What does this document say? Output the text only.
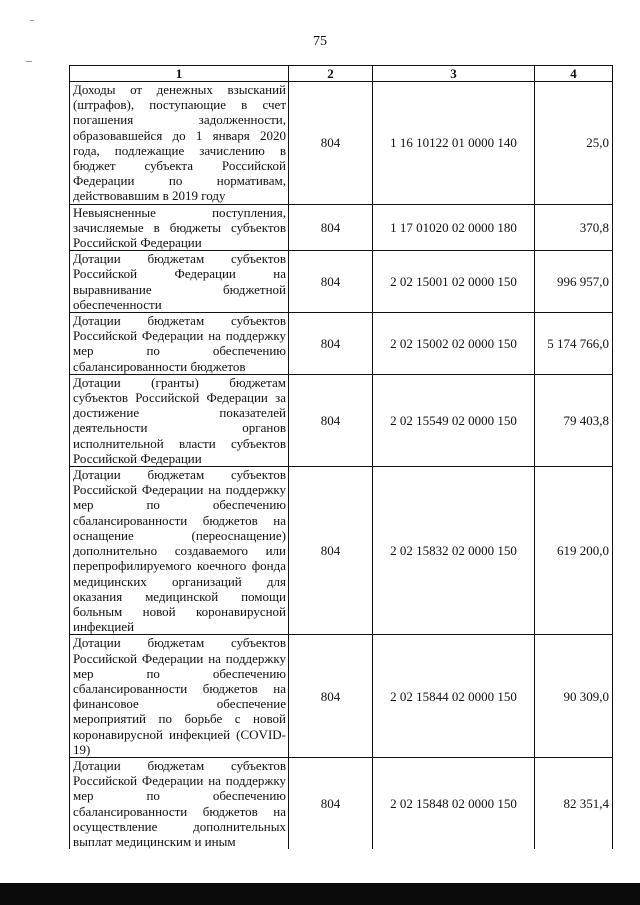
75
1	2	3	4
Доходы от денежных взысканий (штрафов), поступающие в счет погашения задолженности, образовавшейся до 1 января 2020 года, подлежащие зачислению в бюджет субъекта Российской Федерации по нормативам, действовавшим в 2019 году	804	1 16 10122 01 0000 140	25,0
Невыясненные поступления, зачисляемые в бюджеты субъектов Российской Федерации	804	1 17 01020 02 0000 180	370,8
Дотации бюджетам субъектов Российской Федерации на выравнивание бюджетной обеспеченности	804	2 02 15001 02 0000 150	996 957,0
Дотации бюджетам субъектов Российской Федерации на поддержку мер по обеспечению сбалансированности бюджетов	804	2 02 15002 02 0000 150	5 174 766,0
Дотации (гранты) бюджетам субъектов Российской Федерации за достижение показателей деятельности органов исполнительной власти субъектов Российской Федерации	804	2 02 15549 02 0000 150	79 403,8
Дотации бюджетам субъектов Российской Федерации на поддержку мер по обеспечению сбалансированности бюджетов на оснащение (переоснащение) дополнительно создаваемого или перепрофилируемого коечного фонда медицинских организаций для оказания медицинской помощи больным новой коронавирусной инфекцией	804	2 02 15832 02 0000 150	619 200,0
Дотации бюджетам субъектов Российской Федерации на поддержку мер по обеспечению сбалансированности бюджетов на финансовое обеспечение мероприятий по борьбе с новой коронавирусной инфекцией (COVID-19)	804	2 02 15844 02 0000 150	90 309,0
Дотации бюджетам субъектов Российской Федерации на поддержку мер по обеспечению сбалансированности бюджетов на осуществление дополнительных выплат медицинским и иным	804	2 02 15848 02 0000 150	82 351,4
